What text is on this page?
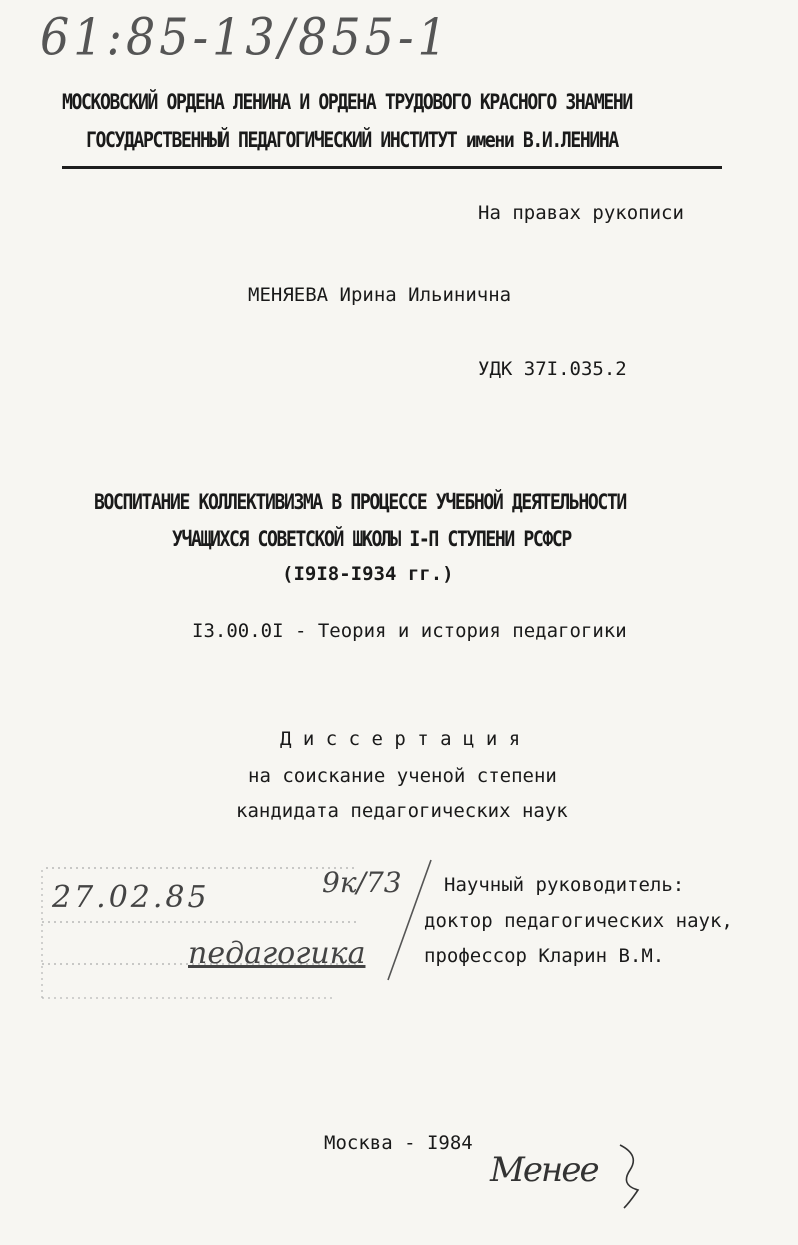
61:85-13/855-1
МОСКОВСКИЙ ОРДЕНА ЛЕНИНА И ОРДЕНА ТРУДОВОГО КРАСНОГО ЗНАМЕНИ
ГОСУДАРСТВЕННЫЙ ПЕДАГОГИЧЕСКИЙ ИНСТИТУТ имени В.И.ЛЕНИНА
На правах рукописи
МЕНЯЕВА Ирина Ильинична
УДК 37I.035.2
ВОСПИТАНИЕ КОЛЛЕКТИВИЗМА В ПРОЦЕССЕ УЧЕБНОЙ ДЕЯТЕЛЬНОСТИ
УЧАЩИХСЯ СОВЕТСКОЙ ШКОЛЫ I-П СТУПЕНИ РСФСР
(I9I8-I934 гг.)
I3.00.0I - Теория и история педагогики
Д и с с е р т а ц и я
на соискание ученой степени
кандидата педагогических наук
27.02.85	9к/73
педагогика
Научный руководитель:
доктор педагогических наук,
профессор Кларин В.М.
Москва - I984
Менее
